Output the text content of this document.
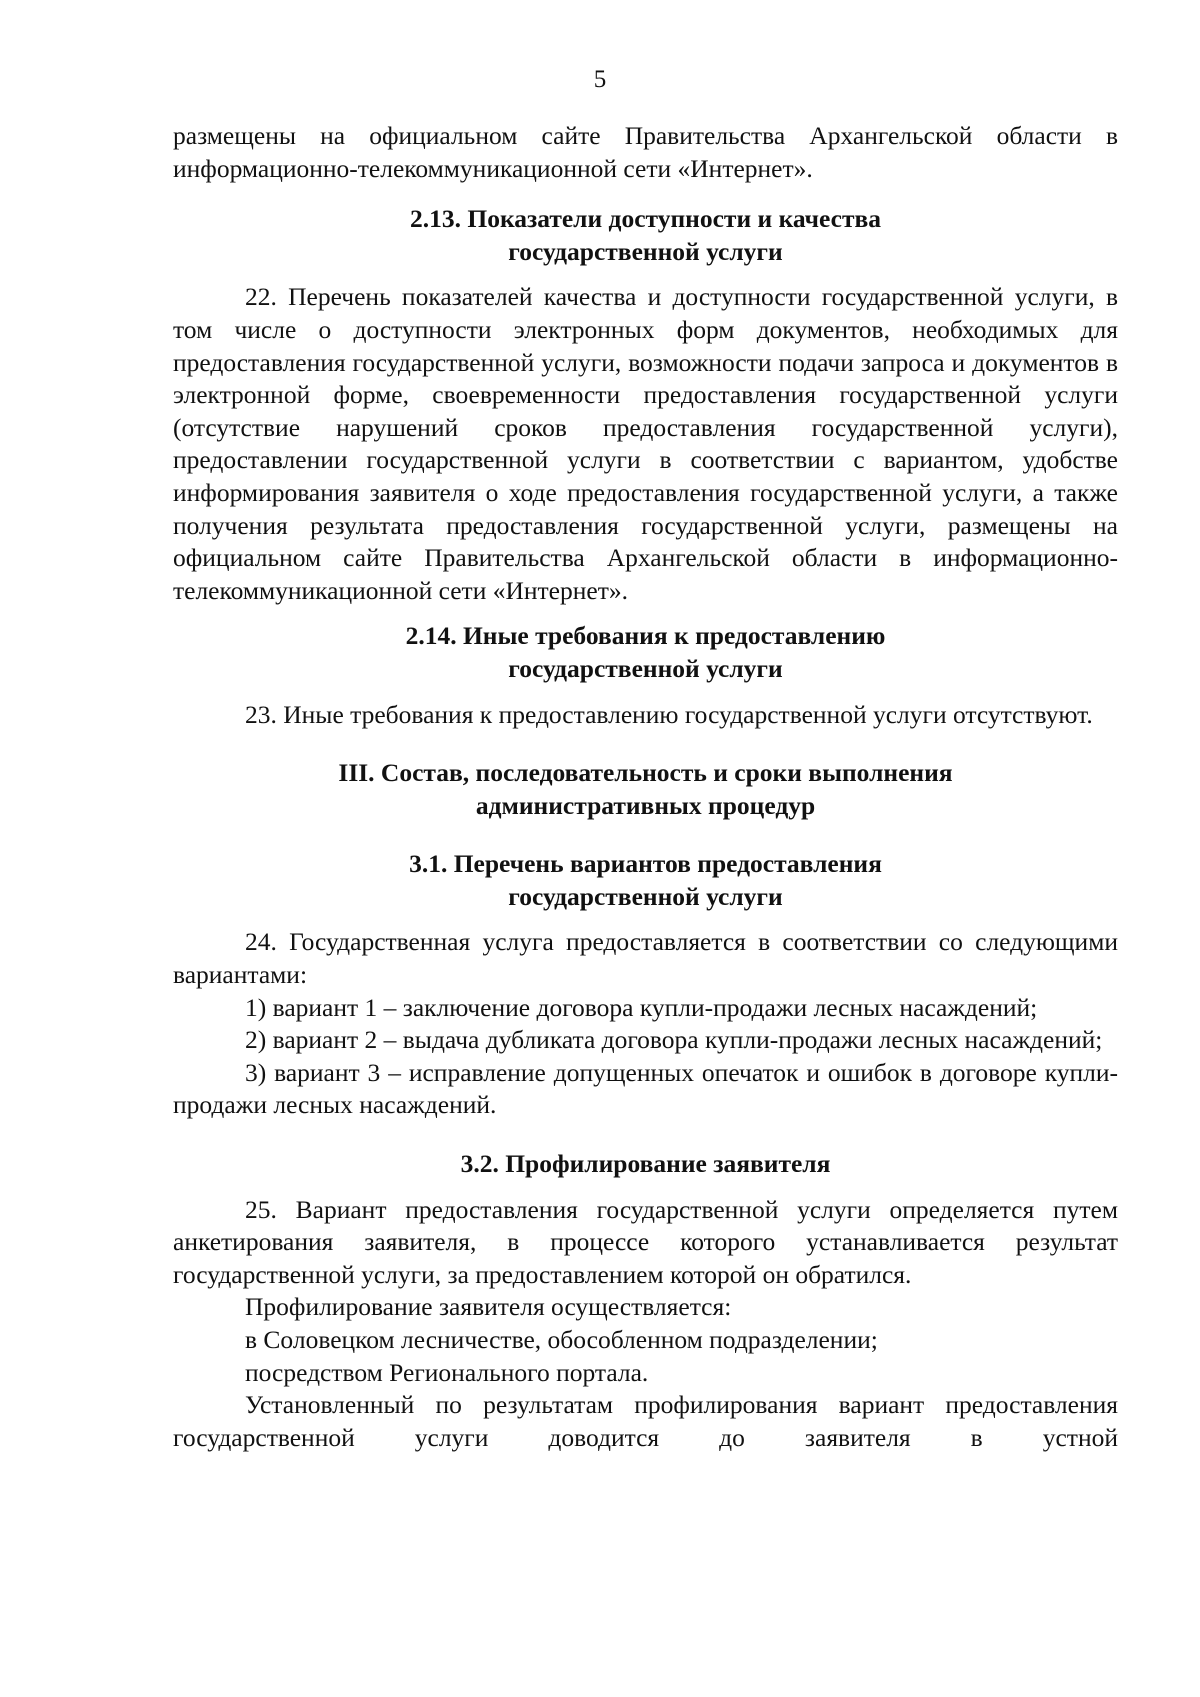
5

размещены на официальном сайте Правительства Архангельской области в информационно-телекоммуникационной сети «Интернет».

2.13. Показатели доступности и качества
государственной услуги

22. Перечень показателей качества и доступности государственной услуги, в том числе о доступности электронных форм документов, необходимых для предоставления государственной услуги, возможности подачи запроса и документов в электронной форме, своевременности предоставления государственной услуги (отсутствие нарушений сроков предоставления государственной услуги), предоставлении государственной услуги в соответствии с вариантом, удобстве информирования заявителя о ходе предоставления государственной услуги, а также получения результата предоставления государственной услуги, размещены на официальном сайте Правительства Архангельской области в информационно-телекоммуникационной сети «Интернет».

2.14. Иные требования к предоставлению
государственной услуги

23. Иные требования к предоставлению государственной услуги отсутствуют.

III. Состав, последовательность и сроки выполнения
административных процедур
3.1. Перечень вариантов предоставления
государственной услуги

24. Государственная услуга предоставляется в соответствии со следующими вариантами:

1) вариант 1 – заключение договора купли-продажи лесных насаждений;

2) вариант 2 – выдача дубликата договора купли-продажи лесных насаждений;

3) вариант 3 – исправление допущенных опечаток и ошибок в договоре купли-продажи лесных насаждений.

3.2. Профилирование заявителя

25. Вариант предоставления государственной услуги определяется путем анкетирования заявителя, в процессе которого устанавливается результат государственной услуги, за предоставлением которой он обратился.

Профилирование заявителя осуществляется:

в Соловецком лесничестве, обособленном подразделении;

посредством Регионального портала.

Установленный по результатам профилирования вариант предоставления государственной услуги доводится до заявителя в устной
